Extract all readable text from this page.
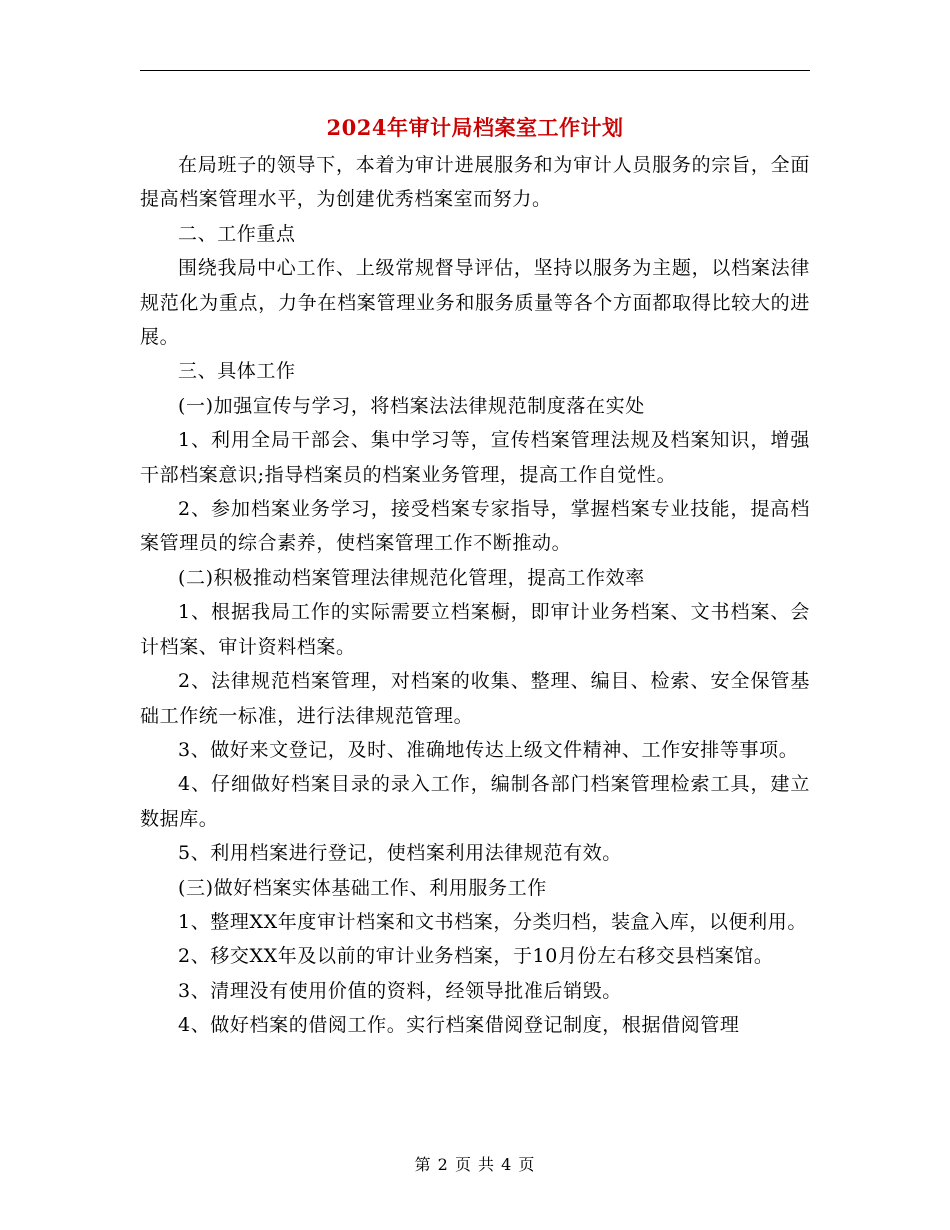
2024年审计局档案室工作计划

在局班子的领导下，本着为审计进展服务和为审计人员服务的宗旨，全面提高档案管理水平，为创建优秀档案室而努力。

二、工作重点

围绕我局中心工作、上级常规督导评估，坚持以服务为主题，以档案法律规范化为重点，力争在档案管理业务和服务质量等各个方面都取得比较大的进展。

三、具体工作

(一)加强宣传与学习，将档案法法律规范制度落在实处

1、利用全局干部会、集中学习等，宣传档案管理法规及档案知识，增强干部档案意识;指导档案员的档案业务管理，提高工作自觉性。

2、参加档案业务学习，接受档案专家指导，掌握档案专业技能，提高档案管理员的综合素养，使档案管理工作不断推动。

(二)积极推动档案管理法律规范化管理，提高工作效率

1、根据我局工作的实际需要立档案橱，即审计业务档案、文书档案、会计档案、审计资料档案。

2、法律规范档案管理，对档案的收集、整理、编目、检索、安全保管基础工作统一标准，进行法律规范管理。

3、做好来文登记，及时、准确地传达上级文件精神、工作安排等事项。

4、仔细做好档案目录的录入工作，编制各部门档案管理检索工具，建立数据库。

5、利用档案进行登记，使档案利用法律规范有效。

(三)做好档案实体基础工作、利用服务工作

1、整理XX年度审计档案和文书档案，分类归档，装盒入库，以便利用。

2、移交XX年及以前的审计业务档案，于10月份左右移交县档案馆。

3、清理没有使用价值的资料，经领导批准后销毁。

4、做好档案的借阅工作。实行档案借阅登记制度，根据借阅管理

第 2 页 共 4 页
